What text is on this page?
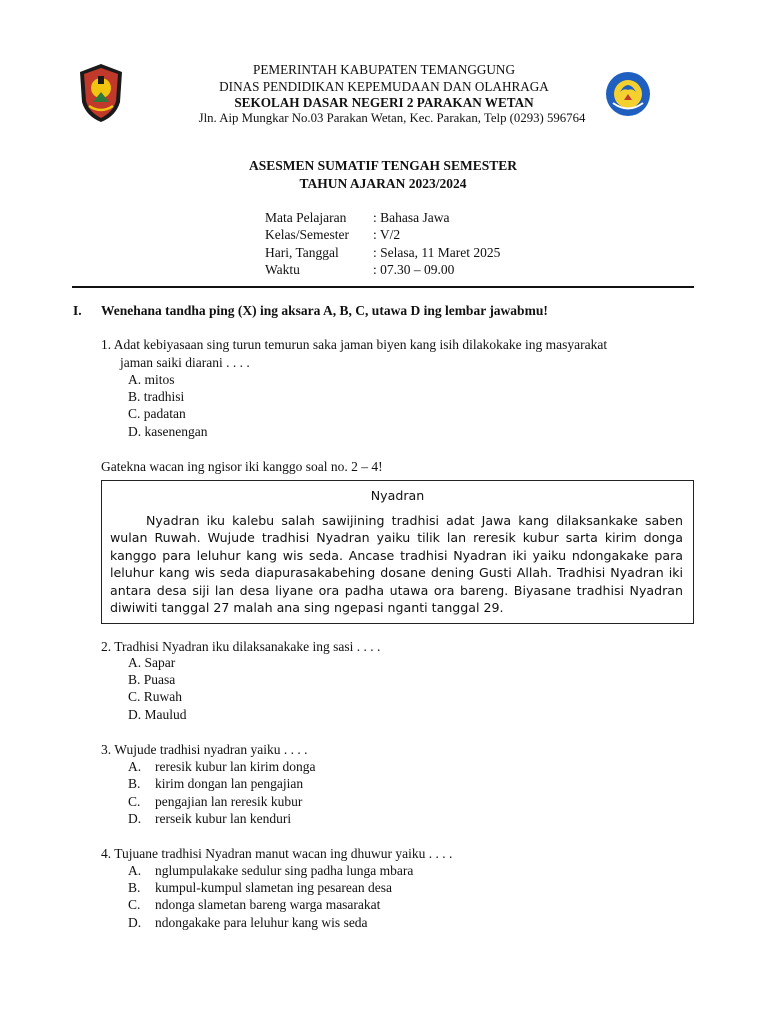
PEMERINTAH KABUPATEN TEMANGGUNG
DINAS PENDIDIKAN KEPEMUDAAN DAN OLAHRAGA
SEKOLAH DASAR NEGERI 2 PARAKAN WETAN
Jln. Aip Mungkar No.03 Parakan Wetan, Kec. Parakan, Telp (0293) 596764
ASESMEN SUMATIF TENGAH SEMESTER
TAHUN AJARAN 2023/2024
Mata Pelajaran : Bahasa Jawa
Kelas/Semester : V/2
Hari, Tanggal	: Selasa, 11 Maret 2025
Waktu	: 07.30 – 09.00
I. Wenehana tandha ping (X) ing aksara A, B, C, utawa D ing lembar jawabmu!
1. Adat kebiyasaan sing turun temurun saka jaman biyen kang isih dilakokake ing masyarakat
jaman saiki diarani . . . .
A. mitos
B. tradhisi
C. padatan
D. kasenengan
Gatekna wacan ing ngisor iki kanggo soal no. 2 – 4!
Nyadran
Nyadran iku kalebu salah sawijining tradhisi adat Jawa kang dilaksankake saben
wulan Ruwah. Wujude tradhisi Nyadran yaiku tilik lan reresik kubur sarta kirim donga
kanggo para leluhur kang wis seda. Ancase tradhisi Nyadran iki yaiku ndongakake para
leluhur kang wis seda diapurasakabehing dosane dening Gusti Allah. Tradhisi Nyadran iki
antara desa siji lan desa liyane ora padha utawa ora bareng. Biyasane tradhisi Nyadran
diwiwiti tanggal 27 malah ana sing ngepasi nganti tanggal 29.
2. Tradhisi Nyadran iku dilaksanakake ing sasi . . . .
A. Sapar
B. Puasa
C. Ruwah
D. Maulud
3. Wujude tradhisi nyadran yaiku . . . .
A. reresik kubur lan kirim donga
B. kirim dongan lan pengajian
C. pengajian lan reresik kubur
D. rerseik kubur lan kenduri
4. Tujuane tradhisi Nyadran manut wacan ing dhuwur yaiku . . . .
A. nglumpulakake sedulur sing padha lunga mbara
B. kumpul-kumpul slametan ing pesarean desa
C. ndonga slametan bareng warga masarakat
D. ndongakake para leluhur kang wis seda
